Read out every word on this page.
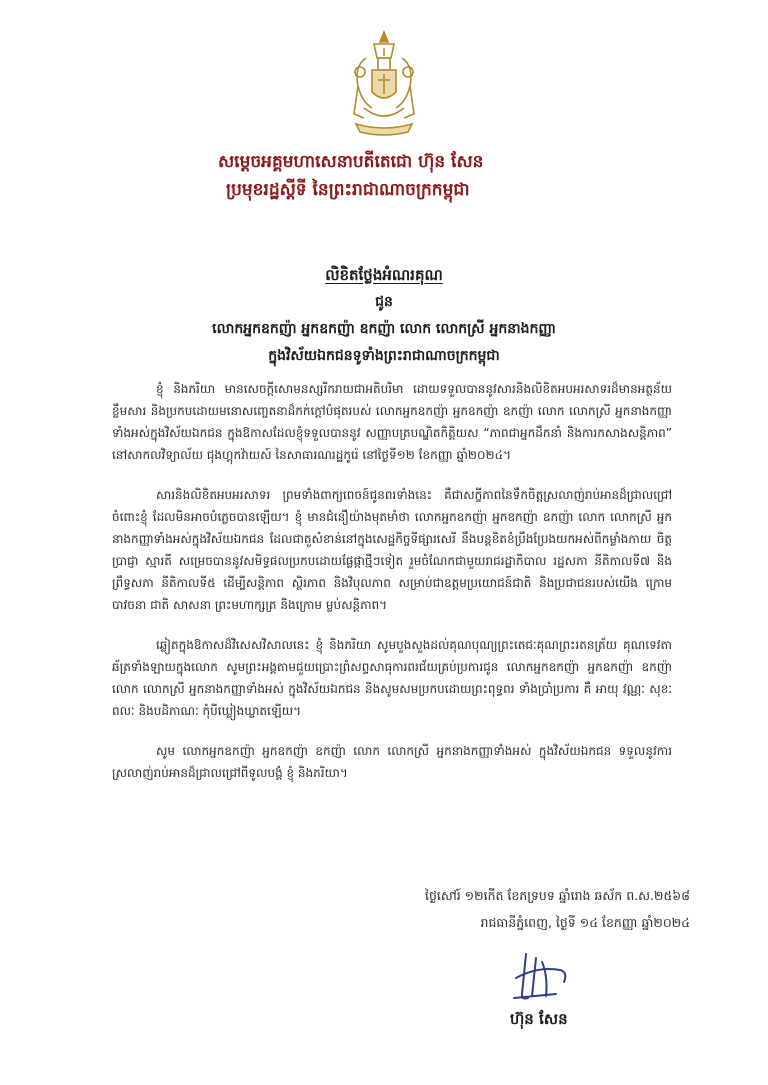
សម្តេចអគ្គមហាសេនាបតីតេជោ ហ៊ុន សែន
ប្រមុខរដ្ឋស្តីទី នៃព្រះរាជាណាចក្រកម្ពុជា
លិខិតថ្លែងអំណរគុណ
ជូន
លោកអ្នកឧកញ៉ា អ្នកឧកញ៉ា ឧកញ៉ា លោក លោកស្រី អ្នកនាងកញ្ញា
ក្នុងវិស័យឯកជនទូទាំងព្រះរាជាណាចក្រកម្ពុជា

ខ្ញុំ និងភរិយា មានសេចក្តីសោមនស្សរីករាយជាអតិបរិមា ដោយទទួលបាននូវសារនិងលិខិតអបអរសាទរដ៏មានអត្ថន័យខ្លឹមសារ និងប្រកបដោយមនោសញ្ចេតនាដ៏កក់ក្តៅបំផុតរបស់ លោកអ្នកឧកញ៉ា អ្នកឧកញ៉ា ឧកញ៉ា លោក លោកស្រី អ្នកនាងកញ្ញាទាំងអស់ក្នុងវិស័យឯកជន ក្នុងឱកាសដែលខ្ញុំទទួលបាននូវ សញ្ញាបត្របណ្ឌិតកិត្តិយស “ភាពជាអ្នកដឹកនាំ និងការកសាងសន្តិភាព” នៅសាកលវិទ្យាល័យ ជុងហ្គុកវ៉ាយស៍ នៃសាធារណរដ្ឋកូរ៉េ នៅថ្ងៃទី១២ ខែកញ្ញា ឆ្នាំ២០២៤។

សារនិងលិខិតអបអរសាទរ ព្រមទាំងពាក្យពេចន៍ជូនពរទាំងនេះ គឺជាសក្ខីភាពនៃទឹកចិត្តស្រលាញ់រាប់អានដ៏ជ្រាលជ្រៅចំពោះខ្ញុំ ដែលមិនអាចបំភ្លេចបានឡើយ។ ខ្ញុំ មានជំនឿយ៉ាងមុតមាំថា លោកអ្នកឧកញ៉ា អ្នកឧកញ៉ា ឧកញ៉ា លោក លោកស្រី អ្នកនាងកញ្ញាទាំងអស់ក្នុងវិស័យឯកជន ដែលជាតួសំខាន់នៅក្នុងសេដ្ឋកិច្ចទីផ្សារសេរី នឹងបន្តខិតខំប្រឹងប្រែងយកអស់ពីកម្លាំងកាយ ចិត្ត ប្រាជ្ញា ស្មារតី សម្រេចបាននូវសមិទ្ធផលប្រកបដោយផ្លែផ្កាថ្មីៗទៀត រួមចំណែកជាមួយរាជរដ្ឋាភិបាល រដ្ឋសភា នីតិកាលទី៧ និងព្រឹទ្ធសភា នីតិកាលទី៥ ដើម្បីសន្តិភាព ស្ថិរភាព និងវិបុលភាព សម្រាប់ជាឧត្តមប្រយោជន៍ជាតិ និងប្រជាជនរបស់យើង ក្រោមបាវចនា ជាតិ សាសនា ព្រះមហាក្សត្រ និងក្រោម ម្លប់សន្តិភាព។

ឆ្លៀតក្នុងឱកាសដ៏វិសេសវិសាលនេះ ខ្ញុំ និងភរិយា សូមបួងសួងដល់គុណបុណ្យព្រះតេជៈគុណព្រះរតនត្រ័យ គុណទេវតាឆ័ត្រទាំងឡាយក្នុងលោក សូមព្រះអង្គតាមជួយប្រោះព្រំសព្ទសាធុការពរជ័យគ្រប់ប្រការជូន លោកអ្នកឧកញ៉ា អ្នកឧកញ៉ា ឧកញ៉ា លោក លោកស្រី អ្នកនាងកញ្ញាទាំងអស់ ក្នុងវិស័យឯកជន និងសូមសមប្រកបដោយព្រះពុទ្ធពរ ទាំងប្រាំប្រការ គឺ អាយុ វណ្ណៈ សុខៈ ពលៈ និងបដិភាណៈ កុំបីឃ្លៀងឃ្លាតឡើយ។

សូម លោកអ្នកឧកញ៉ា អ្នកឧកញ៉ា ឧកញ៉ា លោក លោកស្រី អ្នកនាងកញ្ញាទាំងអស់ ក្នុងវិស័យឯកជន ទទួលនូវការស្រលាញ់រាប់អានដ៏ជ្រាលជ្រៅពីទូលបង្គំ ខ្ញុំ និងភរិយា។

ថ្ងៃសៅរ៍ ១២កើត ខែភទ្របទ ឆ្នាំរោង ឆស័ក ព.ស.២៥៦៨
រាជធានីភ្នំពេញ, ថ្ងៃទី ១៤ ខែកញ្ញា ឆ្នាំ២០២៤
ហ៊ុន សែន
